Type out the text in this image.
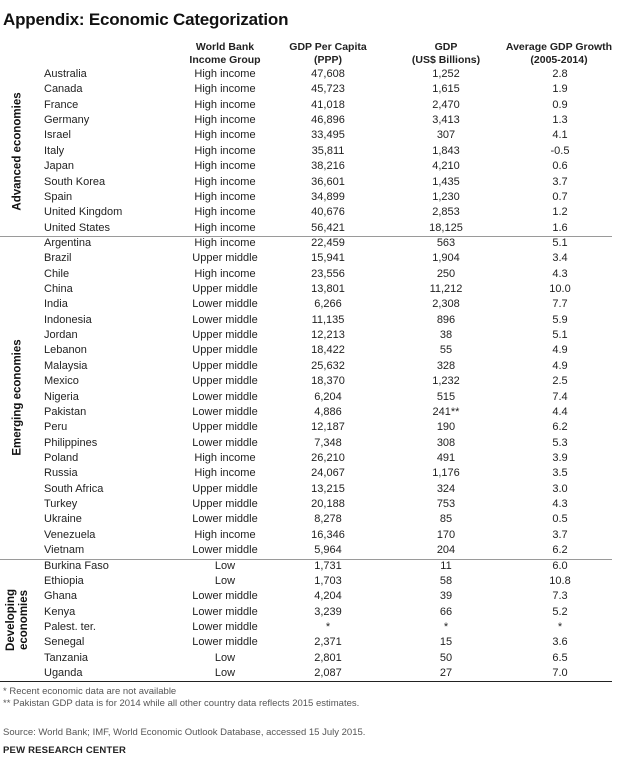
Appendix: Economic Categorization
World Bank
Income Group
GDP Per Capita
(PPP)
GDP
(US$ Billions)
Average GDP Growth
(2005-2014)
Advanced economies
Australia	High income	47,608	1,252	2.8
Canada	High income	45,723	1,615	1.9
France	High income	41,018	2,470	0.9
Germany	High income	46,896	3,413	1.3
Israel	High income	33,495	307	4.1
Italy	High income	35,811	1,843	-0.5
Japan	High income	38,216	4,210	0.6
South Korea	High income	36,601	1,435	3.7
Spain	High income	34,899	1,230	0.7
United Kingdom	High income	40,676	2,853	1.2
United States	High income	56,421	18,125	1.6
Emerging economies
Argentina	High income	22,459	563	5.1
Brazil	Upper middle	15,941	1,904	3.4
Chile	High income	23,556	250	4.3
China	Upper middle	13,801	11,212	10.0
India	Lower middle	6,266	2,308	7.7
Indonesia	Lower middle	11,135	896	5.9
Jordan	Upper middle	12,213	38	5.1
Lebanon	Upper middle	18,422	55	4.9
Malaysia	Upper middle	25,632	328	4.9
Mexico	Upper middle	18,370	1,232	2.5
Nigeria	Lower middle	6,204	515	7.4
Pakistan	Lower middle	4,886	241**	4.4
Peru	Upper middle	12,187	190	6.2
Philippines	Lower middle	7,348	308	5.3
Poland	High income	26,210	491	3.9
Russia	High income	24,067	1,176	3.5
South Africa	Upper middle	13,215	324	3.0
Turkey	Upper middle	20,188	753	4.3
Ukraine	Lower middle	8,278	85	0.5
Venezuela	High income	16,346	170	3.7
Vietnam	Lower middle	5,964	204	6.2
Developing economies
Burkina Faso	Low	1,731	11	6.0
Ethiopia	Low	1,703	58	10.8
Ghana	Lower middle	4,204	39	7.3
Kenya	Lower middle	3,239	66	5.2
Palest. ter.	Lower middle	*	*	*
Senegal	Lower middle	2,371	15	3.6
Tanzania	Low	2,801	50	6.5
Uganda	Low	2,087	27	7.0
* Recent economic data are not available
** Pakistan GDP data is for 2014 while all other country data reflects 2015 estimates.
Source: World Bank; IMF, World Economic Outlook Database, accessed 15 July 2015.
PEW RESEARCH CENTER
